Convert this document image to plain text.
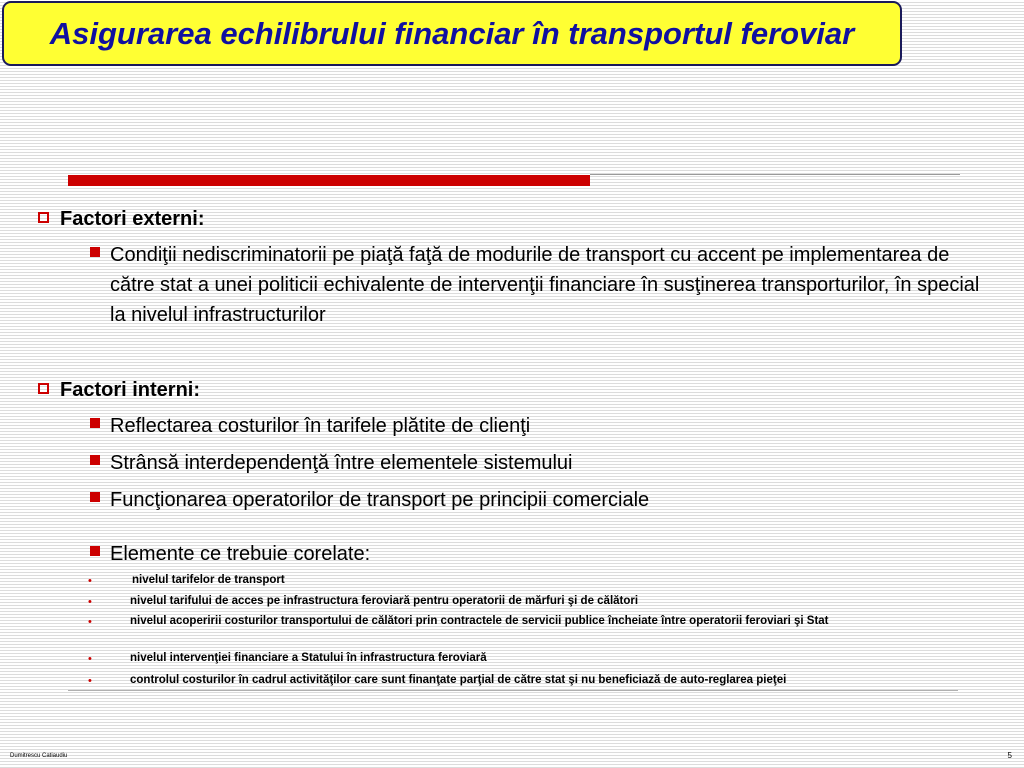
Asigurarea echilibrului financiar în transportul feroviar
Factori externi:
Condiţii nediscriminatorii pe piaţă faţă de modurile de transport cu accent pe implementarea de către stat a unei politicii echivalente de intervenţii financiare în susţinerea transporturilor, în special la nivelul infrastructurilor
Factori interni:
Reflectarea costurilor în tarifele plătite de clienţi
Strânsă interdependenţă între elementele sistemului
Funcţionarea operatorilor de transport pe principii comerciale
Elemente ce trebuie corelate:
•	nivelul tarifelor de transport
•	nivelul tarifului de acces pe infrastructura feroviară pentru operatorii de mărfuri şi de călători
•	nivelul acoperirii costurilor transportului de călători prin contractele de servicii publice încheiate între operatorii feroviari şi Stat
•	nivelul intervenţiei financiare a Statului în infrastructura feroviară
•	controlul costurilor în cadrul activităţilor care sunt finanţate parţial de către stat şi nu beneficiază de auto-reglarea pieţei
Dumitrescu Catiaudiu	5
